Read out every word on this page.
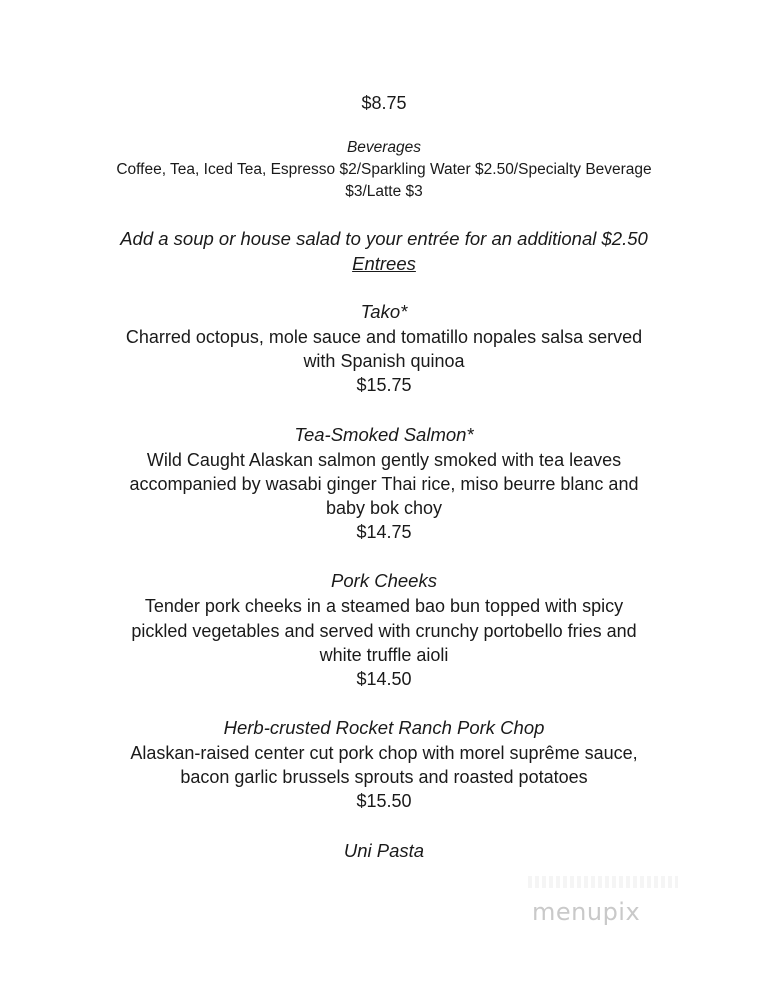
$8.75
Beverages
Coffee, Tea, Iced Tea, Espresso $2/Sparkling Water $2.50/Specialty Beverage
$3/Latte $3
Add a soup or house salad to your entrée for an additional $2.50
Entrees
Tako*
Charred octopus, mole sauce and tomatillo nopales salsa served
with Spanish quinoa
$15.75
Tea-Smoked Salmon*
Wild Caught Alaskan salmon gently smoked with tea leaves
accompanied by wasabi ginger Thai rice, miso beurre blanc and
baby bok choy
$14.75
Pork Cheeks
Tender pork cheeks in a steamed bao bun topped with spicy
pickled vegetables and served with crunchy portobello fries and
white truffle aioli
$14.50
Herb-crusted Rocket Ranch Pork Chop
Alaskan-raised center cut pork chop with morel suprême sauce,
bacon garlic brussels sprouts and roasted potatoes
$15.50
Uni Pasta
menupix
